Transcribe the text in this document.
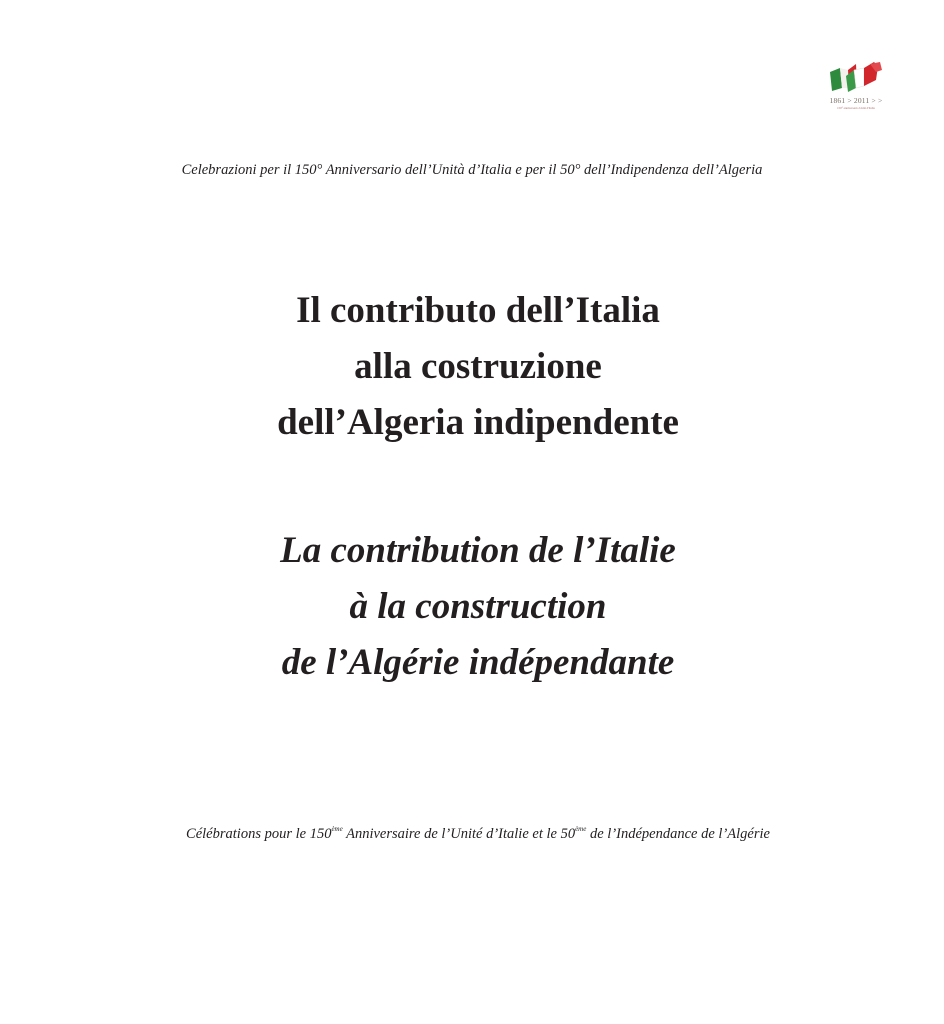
1861 > 2011 > >
150° anniversario Unità d'Italia
Celebrazioni per il 150° Anniversario dell’Unità d’Italia e per il 50° dell’Indipendenza dell’Algeria
Il contributo dell’Italia
alla costruzione
dell’Algeria indipendente
La contribution de l’Italie
à la construction
de l’Algérie indépendante
Célébrations pour le 150ème Anniversaire de l’Unité d’Italie et le 50ème de l’Indépendance de l’Algérie
